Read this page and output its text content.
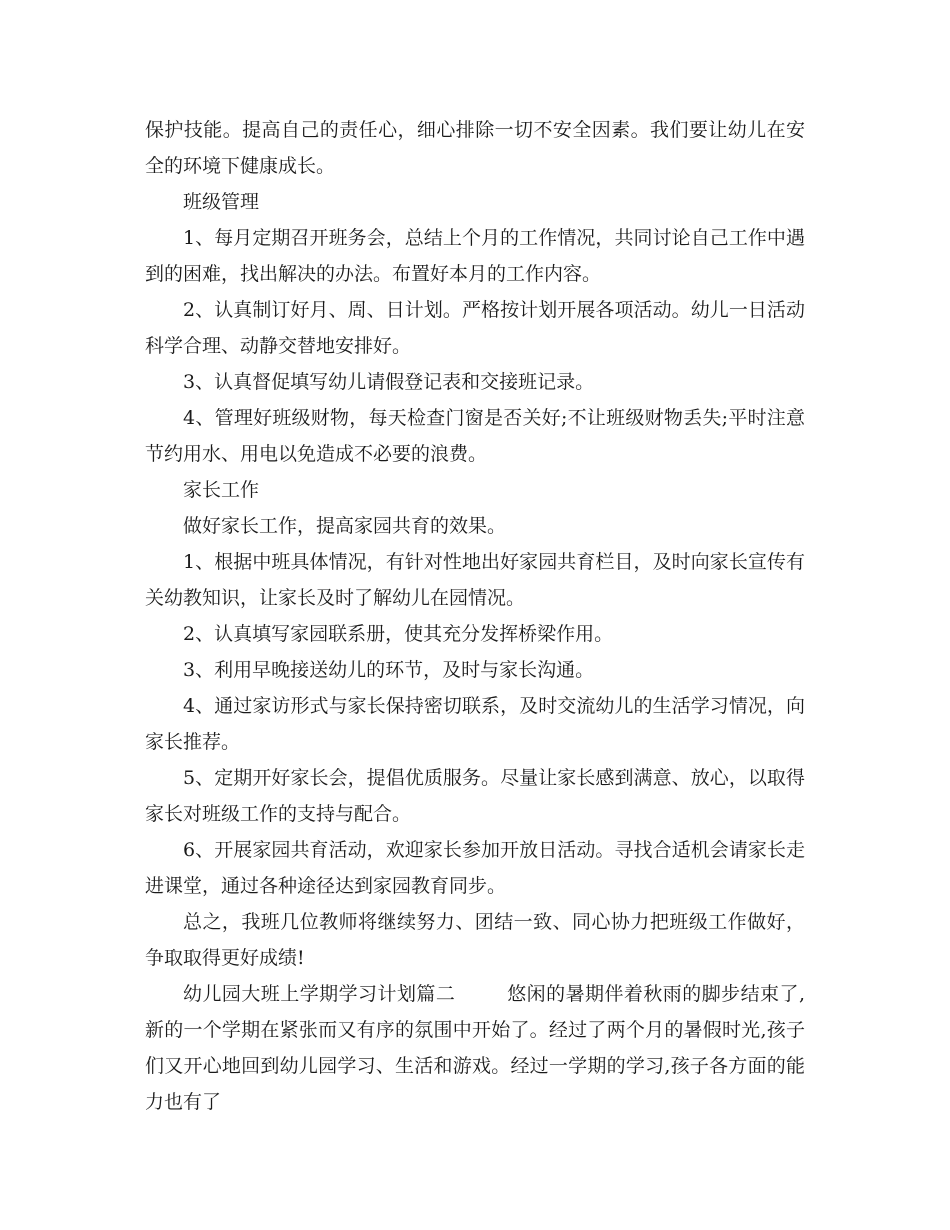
保护技能。提高自己的责任心，细心排除一切不安全因素。我们要让幼儿在安全的环境下健康成长。

班级管理

1、每月定期召开班务会，总结上个月的工作情况，共同讨论自己工作中遇到的困难，找出解决的办法。布置好本月的工作内容。

2、认真制订好月、周、日计划。严格按计划开展各项活动。幼儿一日活动科学合理、动静交替地安排好。

3、认真督促填写幼儿请假登记表和交接班记录。

4、管理好班级财物，每天检查门窗是否关好;不让班级财物丢失;平时注意节约用水、用电以免造成不必要的浪费。

家长工作

做好家长工作，提高家园共育的效果。

1、根据中班具体情况，有针对性地出好家园共育栏目，及时向家长宣传有关幼教知识，让家长及时了解幼儿在园情况。

2、认真填写家园联系册，使其充分发挥桥梁作用。

3、利用早晚接送幼儿的环节，及时与家长沟通。

4、通过家访形式与家长保持密切联系，及时交流幼儿的生活学习情况，向家长推荐。

5、定期开好家长会，提倡优质服务。尽量让家长感到满意、放心，以取得家长对班级工作的支持与配合。

6、开展家园共育活动，欢迎家长参加开放日活动。寻找合适机会请家长走进课堂，通过各种途径达到家园教育同步。

总之，我班几位教师将继续努力、团结一致、同心协力把班级工作做好，争取取得更好成绩!

幼儿园大班上学期学习计划篇二	悠闲的暑期伴着秋雨的脚步结束了,新的一个学期在紧张而又有序的氛围中开始了。经过了两个月的暑假时光,孩子们又开心地回到幼儿园学习、生活和游戏。经过一学期的学习,孩子各方面的能力也有了
